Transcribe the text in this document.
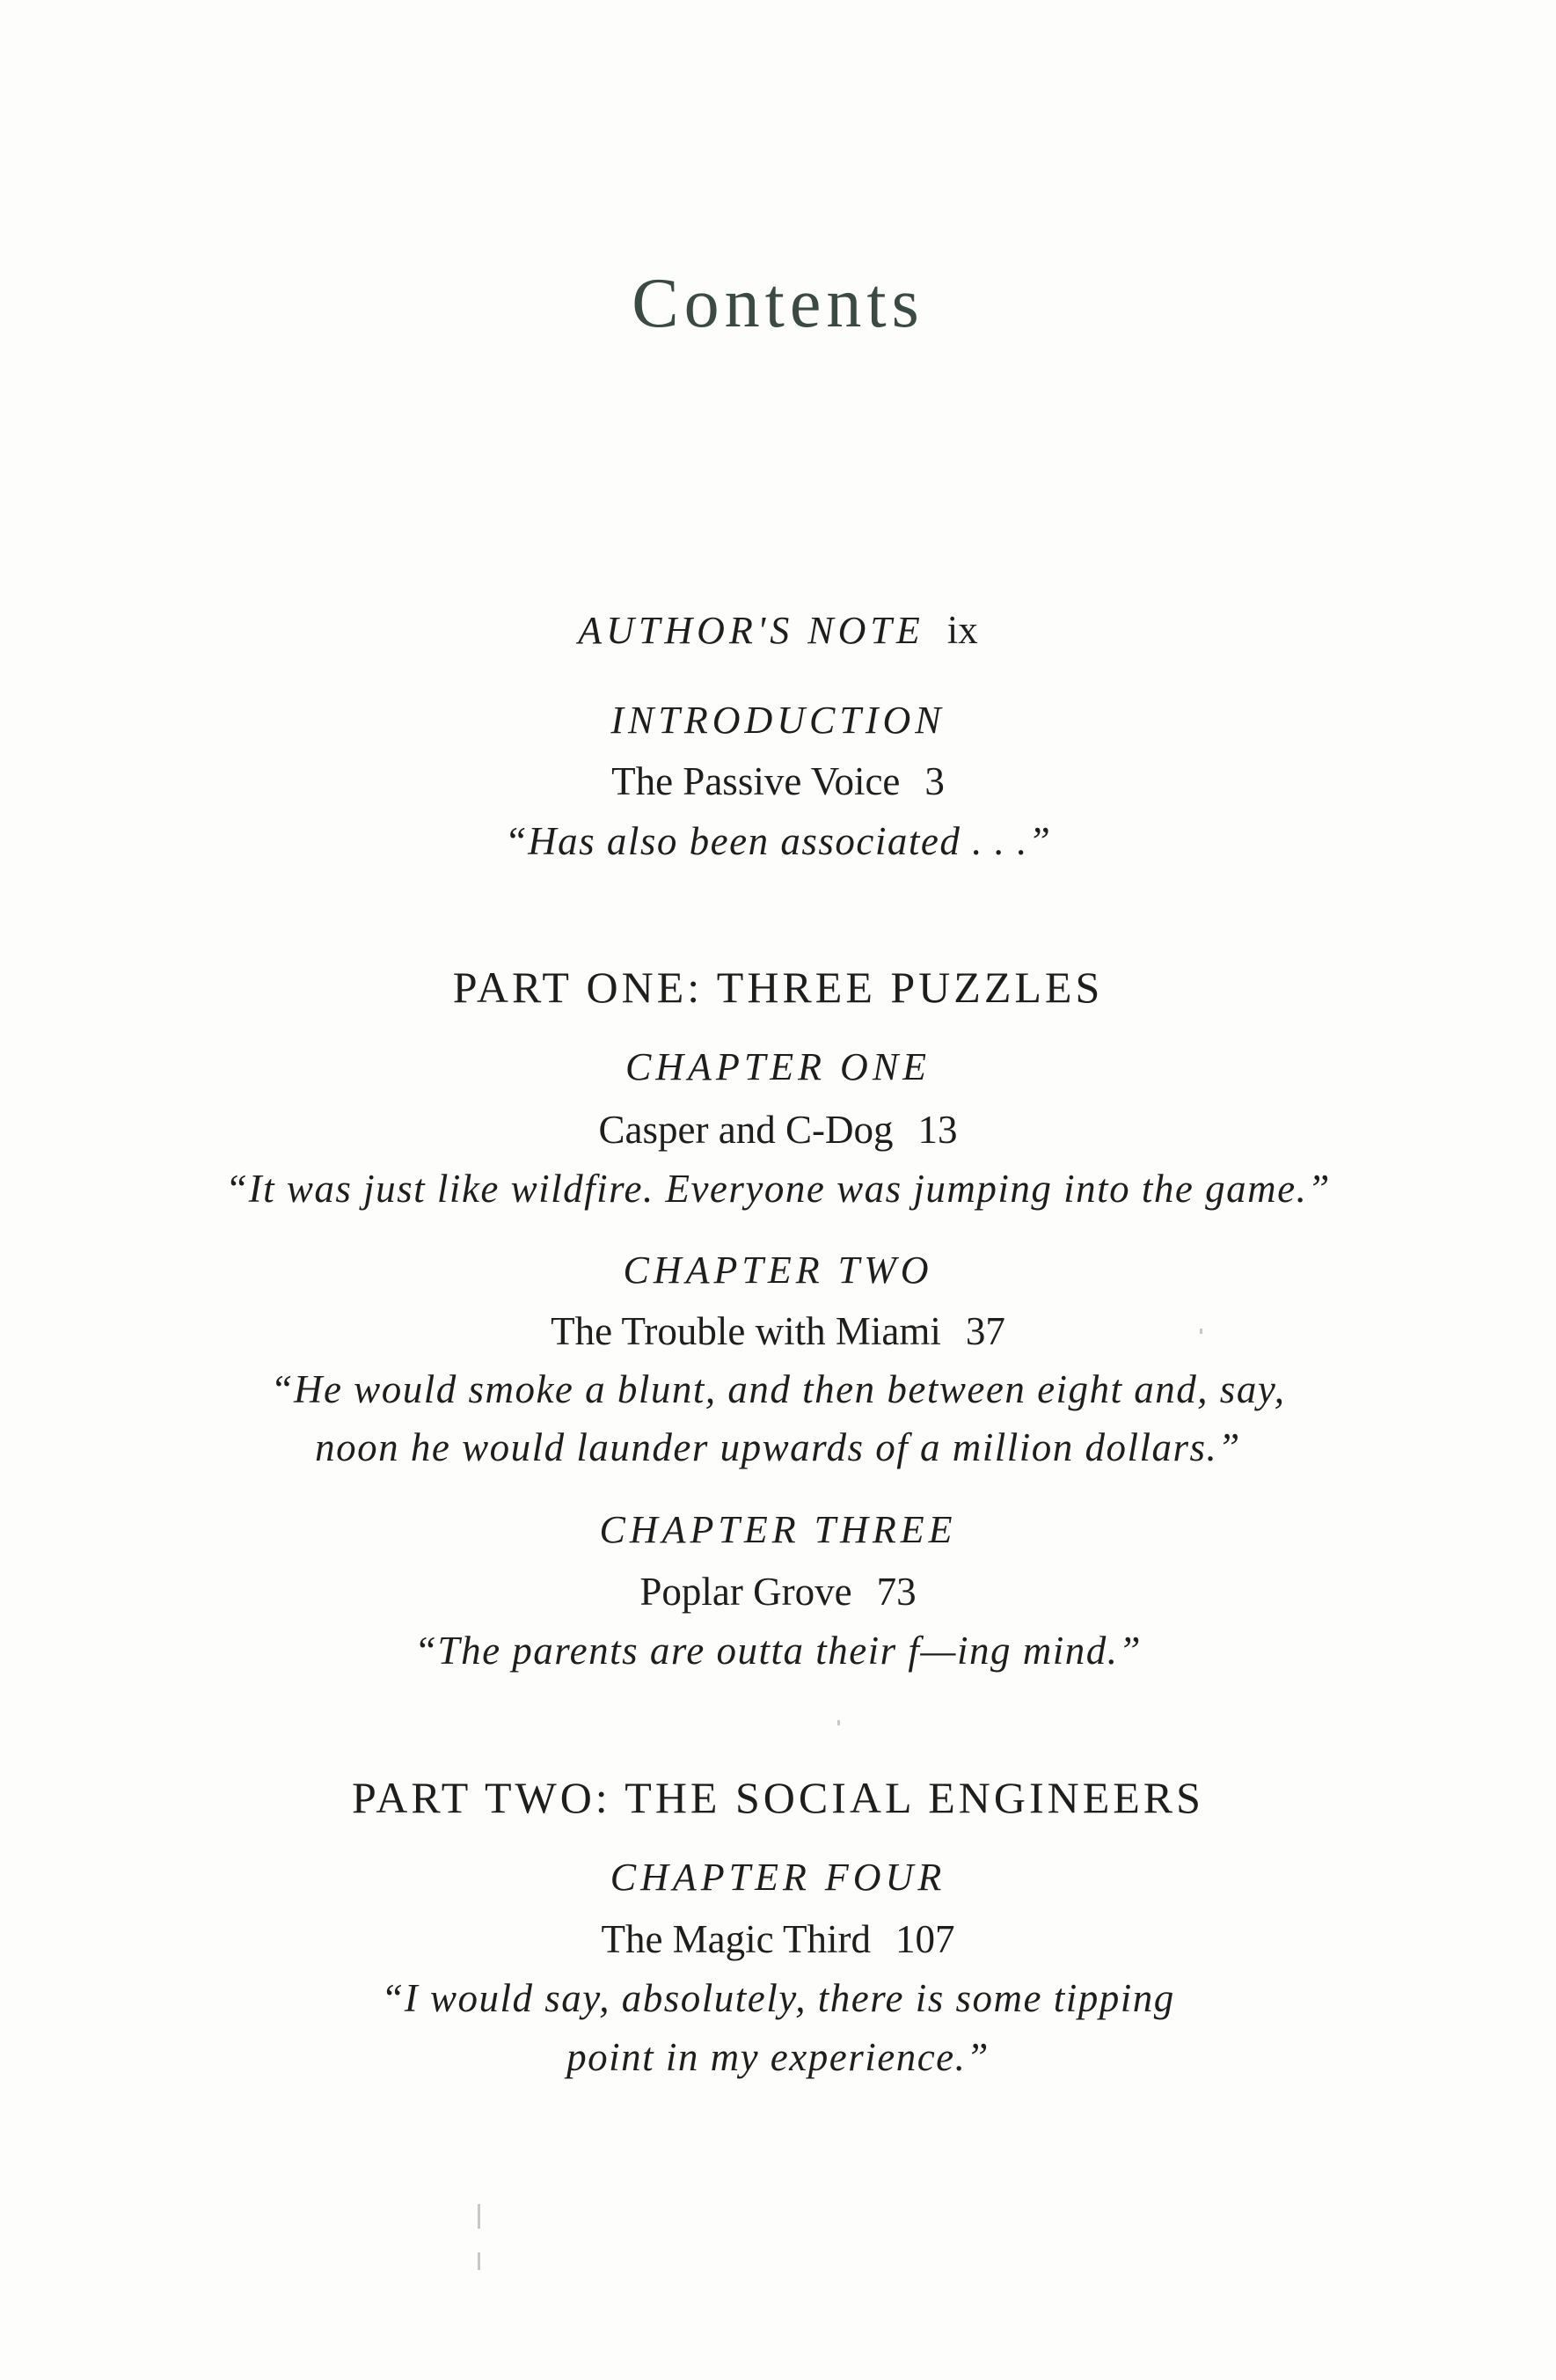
Contents
AUTHOR'S NOTE ix
INTRODUCTION
The Passive Voice 3
“Has also been associated . . .”
PART ONE: THREE PUZZLES
CHAPTER ONE
Casper and C-Dog 13
“It was just like wildfire. Everyone was jumping into the game.”
CHAPTER TWO
The Trouble with Miami 37
“He would smoke a blunt, and then between eight and, say,
noon he would launder upwards of a million dollars.”
CHAPTER THREE
Poplar Grove 73
“The parents are outta their f—ing mind.”
PART TWO: THE SOCIAL ENGINEERS
CHAPTER FOUR
The Magic Third 107
“I would say, absolutely, there is some tipping
point in my experience.”
